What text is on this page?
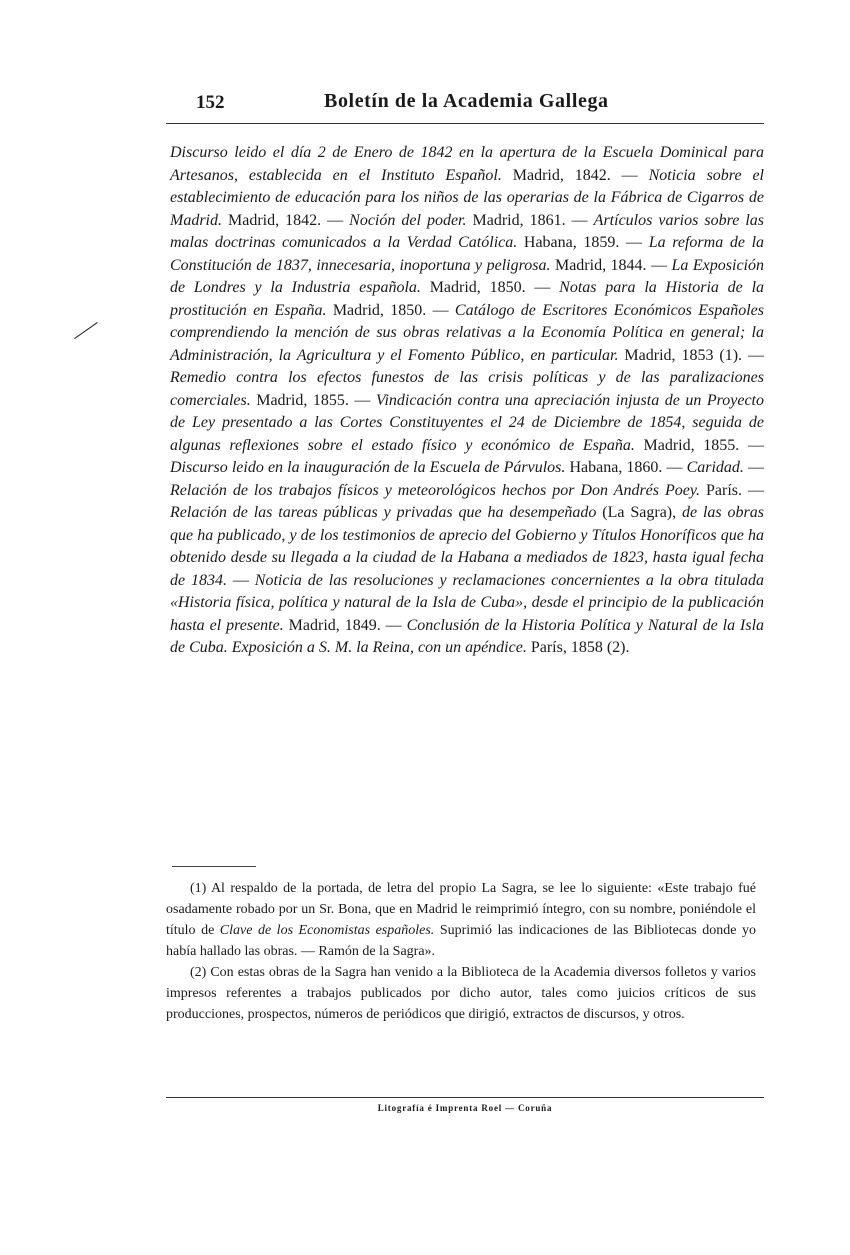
152	Boletín de la Academia Gallega

Discurso leido el día 2 de Enero de 1842 en la apertura de la Escuela Dominical para Artesanos, establecida en el Instituto Español. Madrid, 1842. — Noticia sobre el establecimiento de educación para los niños de las operarias de la Fábrica de Cigarros de Madrid. Madrid, 1842. — Noción del poder. Madrid, 1861. — Artículos varios sobre las malas doctrinas comunicados a la Verdad Católica. Habana, 1859. — La reforma de la Constitución de 1837, innecesaria, inoportuna y peligrosa. Madrid, 1844. — La Exposición de Londres y la Industria española. Madrid, 1850. — Notas para la Historia de la prostitución en España. Madrid, 1850. — Catálogo de Escritores Económicos Españoles comprendiendo la mención de sus obras relativas a la Economía Política en general; la Administración, la Agricultura y el Fomento Público, en particular. Madrid, 1853 (1). — Remedio contra los efectos funestos de las crisis políticas y de las paralizaciones comerciales. Madrid, 1855. — Vindicación contra una apreciación injusta de un Proyecto de Ley presentado a las Cortes Constituyentes el 24 de Diciembre de 1854, seguida de algunas reflexiones sobre el estado físico y económico de España. Madrid, 1855. — Discurso leido en la inauguración de la Escuela de Párvulos. Habana, 1860. — Caridad. — Relación de los trabajos físicos y meteorológicos hechos por Don Andrés Poey. París. — Relación de las tareas públicas y privadas que ha desempeñado (La Sagra), de las obras que ha publicado, y de los testimonios de aprecio del Gobierno y Títulos Honoríficos que ha obtenido desde su llegada a la ciudad de la Habana a mediados de 1823, hasta igual fecha de 1834. — Noticia de las resoluciones y reclamaciones concernientes a la obra titulada «Historia física, política y natural de la Isla de Cuba», desde el principio de la publicación hasta el presente. Madrid, 1849. — Conclusión de la Historia Política y Natural de la Isla de Cuba. Exposición a S. M. la Reina, con un apéndice. París, 1858 (2).

(1) Al respaldo de la portada, de letra del propio La Sagra, se lee lo siguiente: «Este trabajo fué osadamente robado por un Sr. Bona, que en Madrid le reimprimió íntegro, con su nombre, poniéndole el título de Clave de los Economistas españoles. Suprimió las indicaciones de las Bibliotecas donde yo había hallado las obras. — Ramón de la Sagra».

(2) Con estas obras de la Sagra han venido a la Biblioteca de la Academia diversos folletos y varios impresos referentes a trabajos publicados por dicho autor, tales como juicios críticos de sus producciones, prospectos, números de periódicos que dirigió, extractos de discursos, y otros.

Litografía é Imprenta Roel — Coruña
